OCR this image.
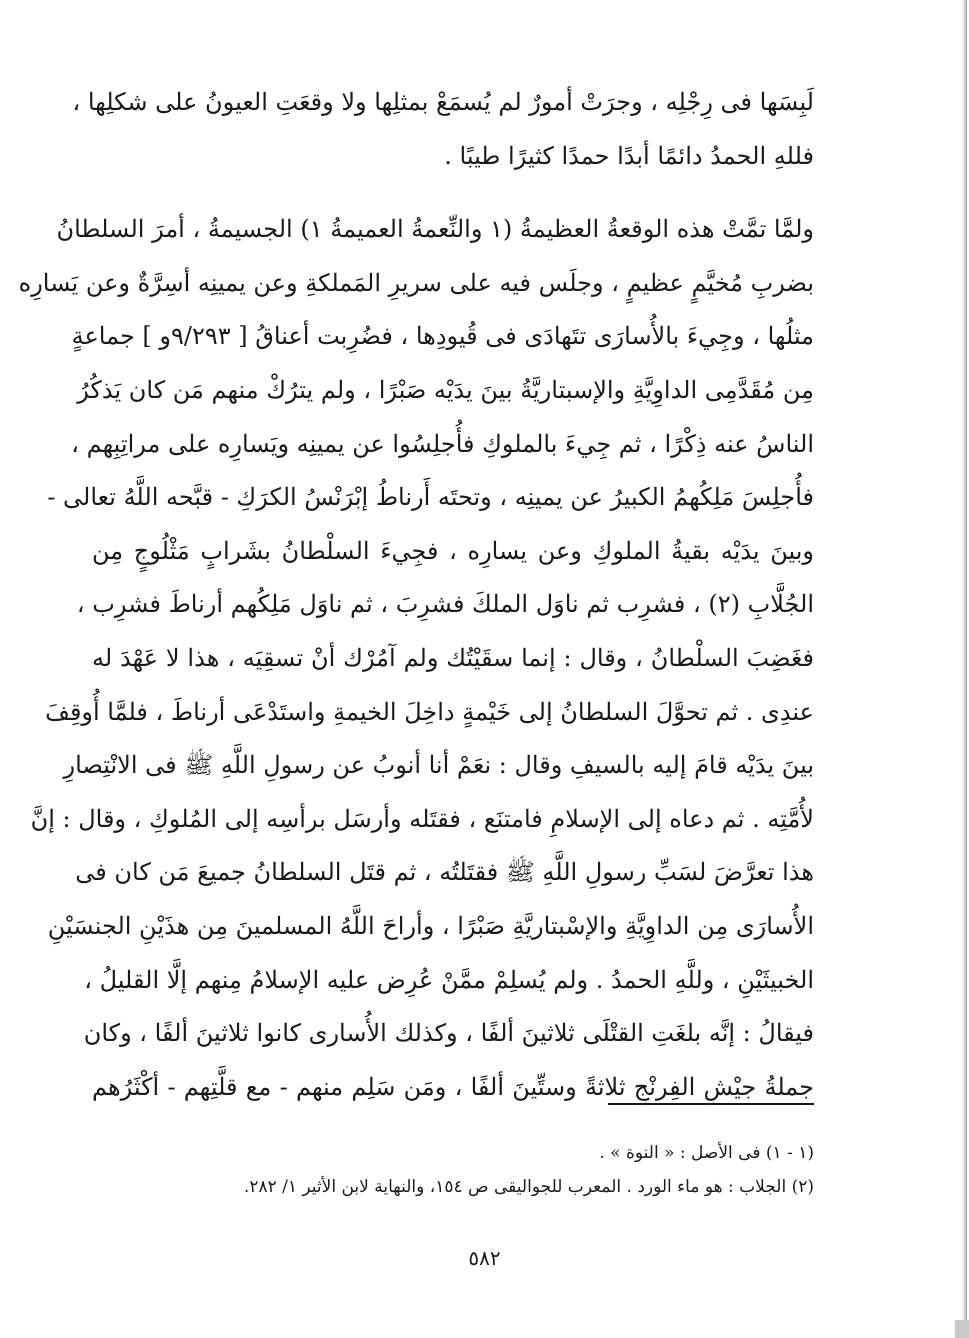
لَبِسَها فى رِجْلِه ، وجرَتْ أمورٌ لم يُسمَعْ بمثلِها ولا وقعَتِ العيونُ على شكلِها ،
فللهِ الحمدُ دائمًا أبدًا حمدًا كثيرًا طيبًا .
ولمَّا تمَّتْ هذه الوقعةُ العظيمةُ (١ والنِّعمةُ العميمةُ ١) الجسيمةُ ، أمرَ السلطانُ
بضربِ مُخيَّمٍ عظيمٍ ، وجلَس فيه على سريرِ المَملكةِ وعن يمينِه أسِرَّةٌ وعن يَسارِه
مثلُها ، وجِيءَ بالأُسارَى تتَهادَى فى قُيودِها ، فضُرِبت أعناقُ [ ٩/٢٩٣و ] جماعةٍ
مِن مُقَدَّمِى الداوِيَّةِ والإسبتاريَّةُ بينَ يدَيْه صَبْرًا ، ولم يترُكْ منهم مَن كان يَذكُرُ
الناسُ عنه ذِكْرًا ، ثم جِيءَ بالملوكِ فأُجلِسُوا عن يمينِه ويَسارِه على مراتِبِهم ،
فأُجلِسَ مَلِكُهمُ الكبيرُ عن يمينِه ، وتحتَه أَرناطُ إبْرَنْسُ الكرَكِ - قبَّحه اللَّهُ تعالى -
وبينَ يدَيْه بقيةُ الملوكِ وعن يسارِه ، فجِيءَ السلْطانُ بشَرابٍ مَثْلُوجٍ مِن
الجُلَّابِ (٢) ، فشرِب ثم ناوَل الملكَ فشرِبَ ، ثم ناوَل مَلِكُهم أرناطَ فشرِب ،
فغَضِبَ السلْطانُ ، وقال : إنما سقَيْتُك ولم آمُرْك أنْ تسقِيَه ، هذا لا عَهْدَ له
عندِى . ثم تحوَّلَ السلطانُ إلى خَيْمةٍ داخِلَ الخيمةِ واستَدْعَى أرناطَ ، فلمَّا أُوقِفَ
بينَ يدَيْه قامَ إليه بالسيفِ وقال : نعَمْ أنا أنوبُ عن رسولِ اللَّهِ ﷺ فى الانْتِصارِ
لأُمَّتِه . ثم دعاه إلى الإسلامِ فامتنَع ، فقتَله وأرسَل برأسِه إلى المُلوكِ ، وقال : إنَّ
هذا تعرَّضَ لسَبِّ رسولِ اللَّهِ ﷺ فقتَلتُه ، ثم قتَل السلطانُ جميعَ مَن كان فى
الأُسارَى مِن الداوِيَّةِ والإسْبتاريَّةِ صَبْرًا ، وأراحَ اللَّهُ المسلمينَ مِن هذَيْنِ الجنسَيْنِ
الخبيثَيْنِ ، وللَّهِ الحمدُ . ولم يُسلِمْ ممَّنْ عُرِض عليه الإسلامُ مِنهم إلَّا القليلُ ،
فيقالُ : إنَّه بلغَتِ القتْلَى ثلاثينَ ألفًا ، وكذلك الأُسارى كانوا ثلاثينَ ألفًا ، وكان
جملةُ جيْشِ الفِرنْجِ ثلاثةً وستِّينَ ألفًا ، ومَن سَلِم منهم - مع قلَّتِهم - أكْثَرُهم
(١ - ١) فى الأصل : « النوة » .
(٢) الجلاب : هو ماء الورد . المعرب للجواليقى ص ١٥٤، والنهاية لابن الأثير ١/ ٢٨٢.
٥٨٢
